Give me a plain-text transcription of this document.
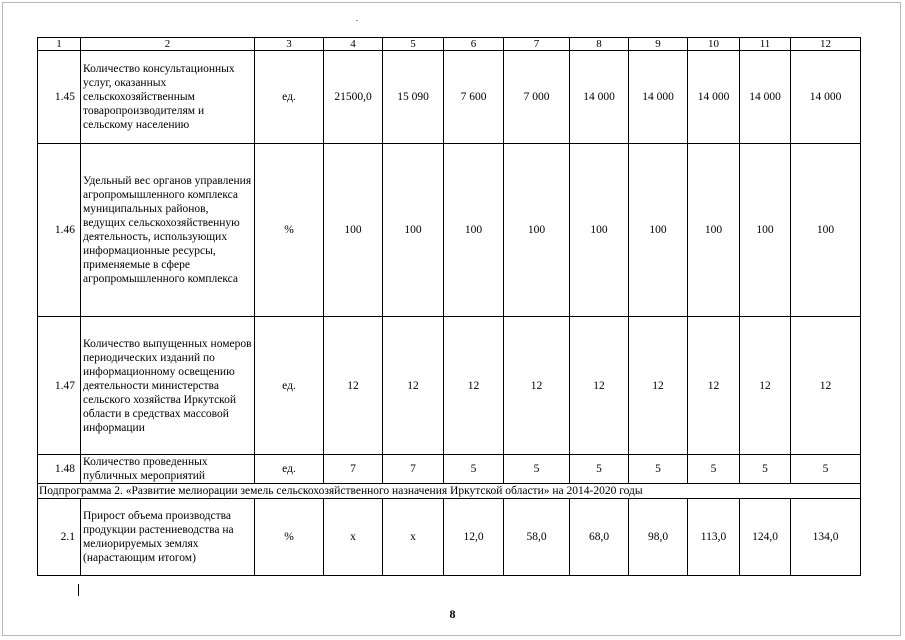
1	2	3	4	5	6	7	8	9	10	11	12
1.45	Количество консультационных услуг, оказанных сельскохозяйственным товаропроизводителям и сельскому населению	ед.	21500,0	15 090	7 600	7 000	14 000	14 000	14 000	14 000	14 000
1.46	Удельный вес органов управления агропромышленного комплекса муниципальных районов, ведущих сельскохозяйственную деятельность, использующих информационные ресурсы, применяемые в сфере агропромышленного комплекса	%	100	100	100	100	100	100	100	100	100
1.47	Количество выпущенных номеров периодических изданий по информационному освещению деятельности министерства сельского хозяйства Иркутской области в средствах массовой информации	ед.	12	12	12	12	12	12	12	12	12
1.48	Количество проведенных публичных мероприятий	ед.	7	7	5	5	5	5	5	5	5
Подпрограмма 2. «Развитие мелиорации земель сельскохозяйственного назначения Иркутской области» на 2014-2020 годы											
2.1	Прирост объема производства продукции растениеводства на мелиорируемых землях (нарастающим итогом)	%	х	х	12,0	58,0	68,0	98,0	113,0	124,0	134,0
8
